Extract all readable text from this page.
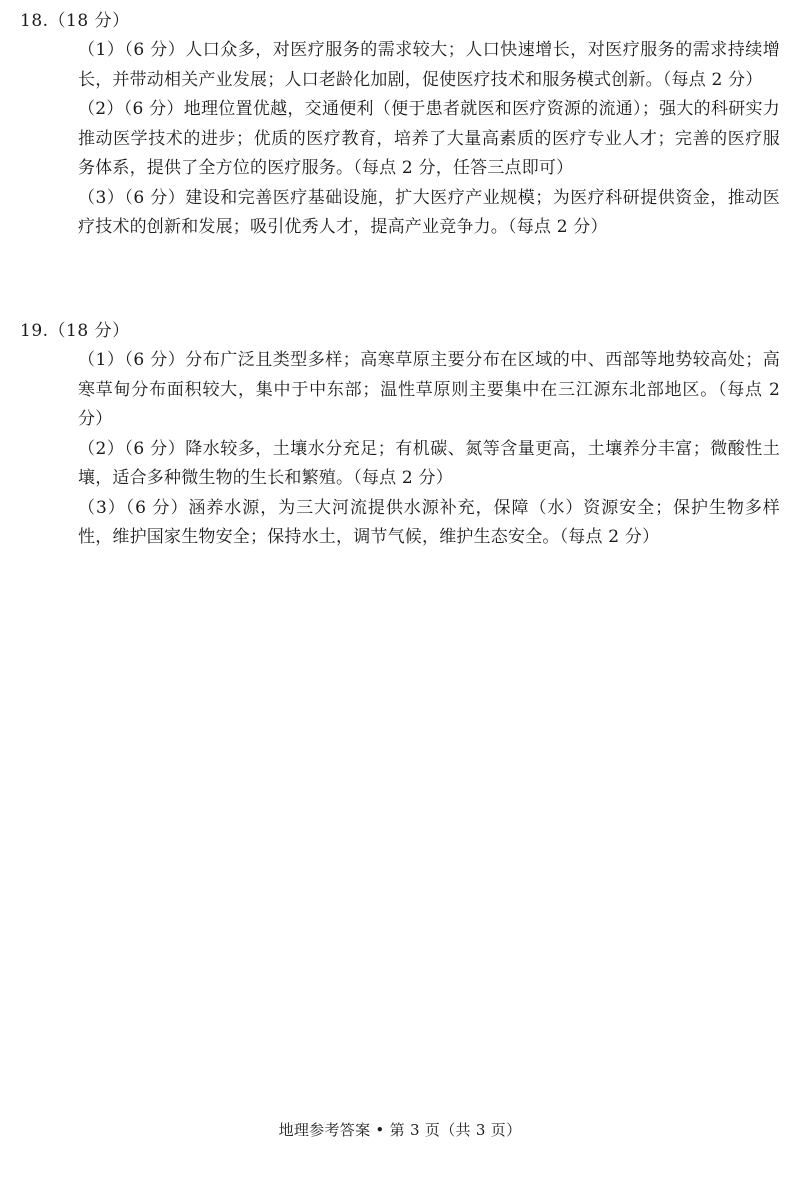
18.（18 分）
（1）（6 分）人口众多，对医疗服务的需求较大；人口快速增长，对医疗服务的需求持续增长，并带动相关产业发展；人口老龄化加剧，促使医疗技术和服务模式创新。（每点 2 分）
（2）（6 分）地理位置优越，交通便利（便于患者就医和医疗资源的流通）；强大的科研实力推动医学技术的进步；优质的医疗教育，培养了大量高素质的医疗专业人才；完善的医疗服务体系，提供了全方位的医疗服务。（每点 2 分，任答三点即可）
（3）（6 分）建设和完善医疗基础设施，扩大医疗产业规模；为医疗科研提供资金，推动医疗技术的创新和发展；吸引优秀人才，提高产业竞争力。（每点 2 分）
19.（18 分）
（1）（6 分）分布广泛且类型多样；高寒草原主要分布在区域的中、西部等地势较高处；高寒草甸分布面积较大，集中于中东部；温性草原则主要集中在三江源东北部地区。（每点 2 分）
（2）（6 分）降水较多，土壤水分充足；有机碳、氮等含量更高，土壤养分丰富；微酸性土壤，适合多种微生物的生长和繁殖。（每点 2 分）
（3）（6 分）涵养水源，为三大河流提供水源补充，保障（水）资源安全；保护生物多样性，维护国家生物安全；保持水土，调节气候，维护生态安全。（每点 2 分）
地理参考答案 • 第 3 页（共 3 页）
